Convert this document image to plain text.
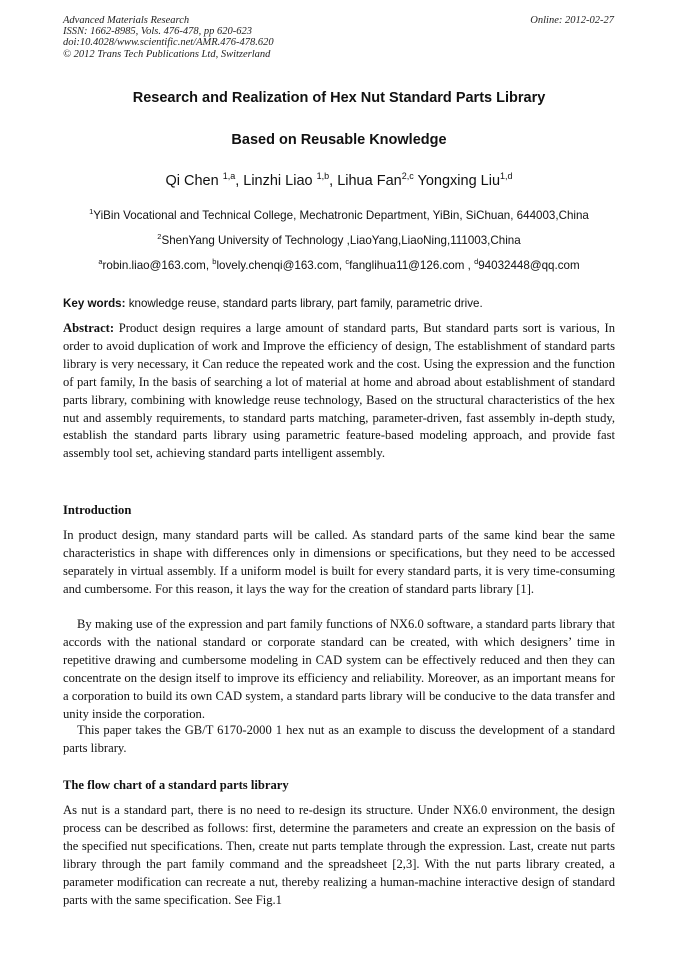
Advanced Materials Research
ISSN: 1662-8985, Vols. 476-478, pp 620-623
doi:10.4028/www.scientific.net/AMR.476-478.620
© 2012 Trans Tech Publications Ltd, Switzerland
Online: 2012-02-27
Research and Realization of Hex Nut Standard Parts Library
Based on Reusable Knowledge
Qi Chen $^{1,a}$, Linzhi Liao $^{1,b}$, Lihua Fan$^{2,c}$ Yongxing Liu$^{1,d}$
$^1$YiBin Vocational and Technical College, Mechatronic Department, YiBin, SiChuan, 644003,China
$^2$ShenYang University of Technology ,LiaoYang,LiaoNing,111003,China
$^a$robin.liao@163.com, $^b$lovely.chenqi@163.com, $^c$fanglihua11@126.com , $^d$94032448@qq.com
Key words: knowledge reuse, standard parts library, part family, parametric drive.
Abstract: Product design requires a large amount of standard parts, But standard parts sort is various, In order to avoid duplication of work and Improve the efficiency of design, The establishment of standard parts library is very necessary, it Can reduce the repeated work and the cost. Using the expression and the function of part family, In the basis of searching a lot of material at home and abroad about establishment of standard parts library, combining with knowledge reuse technology, Based on the structural characteristics of the hex nut and assembly requirements, to standard parts matching, parameter-driven, fast assembly in-depth study, establish the standard parts library using parametric feature-based modeling approach, and provide fast assembly tool set, achieving standard parts intelligent assembly.
Introduction
In product design, many standard parts will be called. As standard parts of the same kind bear the same characteristics in shape with differences only in dimensions or specifications, but they need to be accessed separately in virtual assembly. If a uniform model is built for every standard parts, it is very time-consuming and cumbersome. For this reason, it lays the way for the creation of standard parts library [1].
By making use of the expression and part family functions of NX6.0 software, a standard parts library that accords with the national standard or corporate standard can be created, with which designers’ time in repetitive drawing and cumbersome modeling in CAD system can be effectively reduced and then they can concentrate on the design itself to improve its efficiency and reliability. Moreover, as an important means for a corporation to build its own CAD system, a standard parts library will be conducive to the data transfer and unity inside the corporation.
This paper takes the GB/T 6170-2000 1 hex nut as an example to discuss the development of a standard parts library.
The flow chart of a standard parts library
As nut is a standard part, there is no need to re-design its structure. Under NX6.0 environment, the design process can be described as follows: first, determine the parameters and create an expression on the basis of the specified nut specifications. Then, create nut parts template through the expression. Last, create nut parts library through the part family command and the spreadsheet [2,3]. With the nut parts library created, a parameter modification can recreate a nut, thereby realizing a human-machine interactive design of standard parts with the same specification. See Fig.1
